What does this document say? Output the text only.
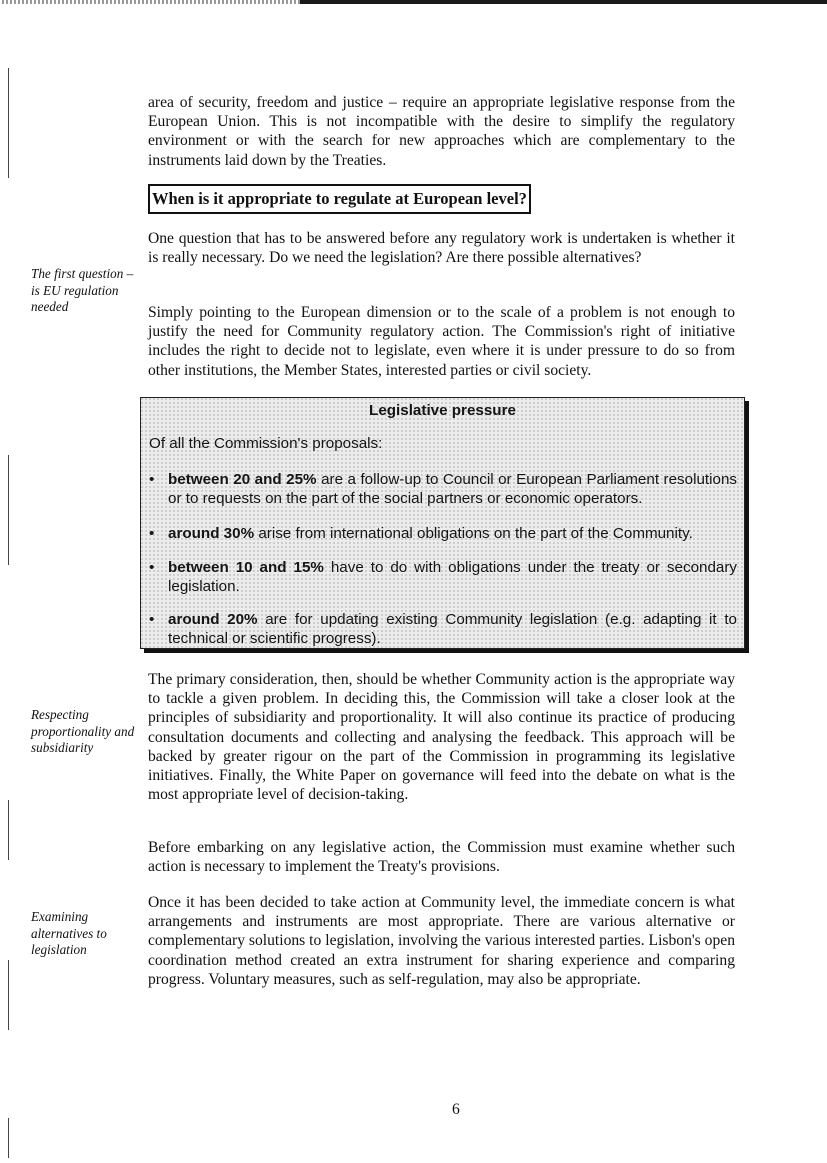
area of security, freedom and justice – require an appropriate legislative response from the European Union. This is not incompatible with the desire to simplify the regulatory environment or with the search for new approaches which are complementary to the instruments laid down by the Treaties.

When is it appropriate to regulate at European level?

One question that has to be answered before any regulatory work is undertaken is whether it is really necessary. Do we need the legislation? Are there possible alternatives?

The first question – is EU regulation needed	Simply pointing to the European dimension or to the scale of a problem is not enough to justify the need for Community regulatory action. The Commission's right of initiative includes the right to decide not to legislate, even where it is under pressure to do so from other institutions, the Member States, interested parties or civil society.

Legislative pressure
Of all the Commission's proposals:
• between 20 and 25% are a follow-up to Council or European Parliament resolutions or to requests on the part of the social partners or economic operators.
• around 30% arise from international obligations on the part of the Community.
• between 10 and 15% have to do with obligations under the treaty or secondary legislation.
• around 20% are for updating existing Community legislation (e.g. adapting it to technical or scientific progress).

The primary consideration, then, should be whether Community action is the appropriate way to tackle a given problem. In deciding this, the Commission will take a closer look at the principles of subsidiarity and proportionality. It will also continue its practice of producing consultation documents and collecting and analysing the feedback. This approach will be backed by greater rigour on the part of the Commission in programming its legislative initiatives. Finally, the White Paper on governance will feed into the debate on what is the most appropriate level of decision-taking.

Respecting proportionality and subsidiarity

Before embarking on any legislative action, the Commission must examine whether such action is necessary to implement the Treaty's provisions.

Examining alternatives to legislation

Once it has been decided to take action at Community level, the immediate concern is what arrangements and instruments are most appropriate. There are various alternative or complementary solutions to legislation, involving the various interested parties. Lisbon's open coordination method created an extra instrument for sharing experience and comparing progress. Voluntary measures, such as self-regulation, may also be appropriate.

6
